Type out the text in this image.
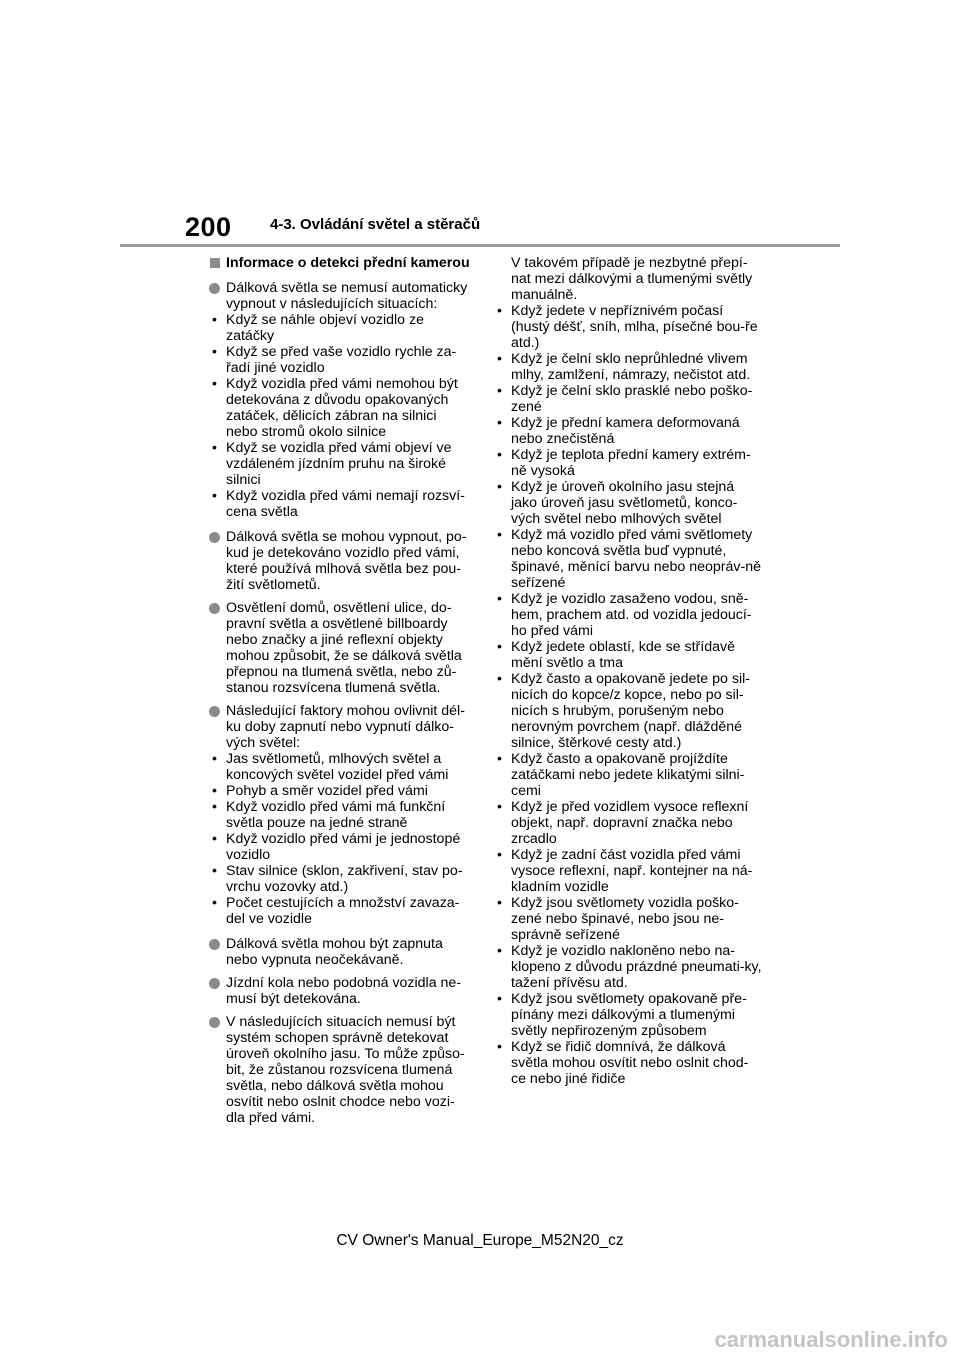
200	4-3. Ovládání světel a stěračů
Informace o detekci přední kamerou
Dálková světla se nemusí automaticky vypnout v následujících situacích:
• Když se náhle objeví vozidlo ze zatáčky
• Když se před vaše vozidlo rychle za-řadí jiné vozidlo
• Když vozidla před vámi nemohou být detekována z důvodu opakovaných zatáček, dělicích zábran na silnici nebo stromů okolo silnice
• Když se vozidla před vámi objeví ve vzdáleném jízdním pruhu na široké silnici
• Když vozidla před vámi nemají rozsví-cena světla
Dálková světla se mohou vypnout, po-kud je detekováno vozidlo před vámi, které používá mlhová světla bez pou-žití světlometů.
Osvětlení domů, osvětlení ulice, do-pravní světla a osvětlené billboardy nebo značky a jiné reflexní objekty mohou způsobit, že se dálková světla přepnou na tlumená světla, nebo zů-stanou rozsvícena tlumená světla.
Následující faktory mohou ovlivnit dél-ku doby zapnutí nebo vypnutí dálko-vých světel:
• Jas světlometů, mlhových světel a koncových světel vozidel před vámi
• Pohyb a směr vozidel před vámi
• Když vozidlo před vámi má funkční světla pouze na jedné straně
• Když vozidlo před vámi je jednostopé vozidlo
• Stav silnice (sklon, zakřivení, stav po-vrchu vozovky atd.)
• Počet cestujících a množství zavaza-del ve vozidle
Dálková světla mohou být zapnuta nebo vypnuta neočekávaně.
Jízdní kola nebo podobná vozidla ne-musí být detekována.
V následujících situacích nemusí být systém schopen správně detekovat úroveň okolního jasu. To může způso-bit, že zůstanou rozsvícena tlumená světla, nebo dálková světla mohou osvítit nebo oslnit chodce nebo vozi-dla před vámi.
V takovém případě je nezbytné přepí-nat mezi dálkovými a tlumenými světly manuálně.
• Když jedete v nepříznivém počasí (hustý déšť, sníh, mlha, písečné bou-ře atd.)
• Když je čelní sklo neprůhledné vlivem mlhy, zamlžení, námrazy, nečistot atd.
• Když je čelní sklo prasklé nebo poško-zené
• Když je přední kamera deformovaná nebo znečistěná
• Když je teplota přední kamery extrém-ně vysoká
• Když je úroveň okolního jasu stejná jako úroveň jasu světlometů, konco-vých světel nebo mlhových světel
• Když má vozidlo před vámi světlomety nebo koncová světla buď vypnuté, špinavé, měnící barvu nebo neopráv-ně seřízené
• Když je vozidlo zasaženo vodou, sně-hem, prachem atd. od vozidla jedoucí-ho před vámi
• Když jedete oblastí, kde se střídavě mění světlo a tma
• Když často a opakovaně jedete po sil-nicích do kopce/z kopce, nebo po sil-nicích s hrubým, porušeným nebo nerovným povrchem (např. dlážděné silnice, štěrkové cesty atd.)
• Když často a opakovaně projíždíte zatáčkami nebo jedete klikatými silni-cemi
• Když je před vozidlem vysoce reflexní objekt, např. dopravní značka nebo zrcadlo
• Když je zadní část vozidla před vámi vysoce reflexní, např. kontejner na ná-kladním vozidle
• Když jsou světlomety vozidla poško-zené nebo špinavé, nebo jsou ne-správně seřízené
• Když je vozidlo nakloněno nebo na-klopeno z důvodu prázdné pneumati-ky, tažení přívěsu atd.
• Když jsou světlomety opakovaně pře-pínány mezi dálkovými a tlumenými světly nepřirozeným způsobem
• Když se řidič domnívá, že dálková světla mohou osvítit nebo oslnit chod-ce nebo jiné řidiče
CV Owner's Manual_Europe_M52N20_cz
carmanualsonline.info
